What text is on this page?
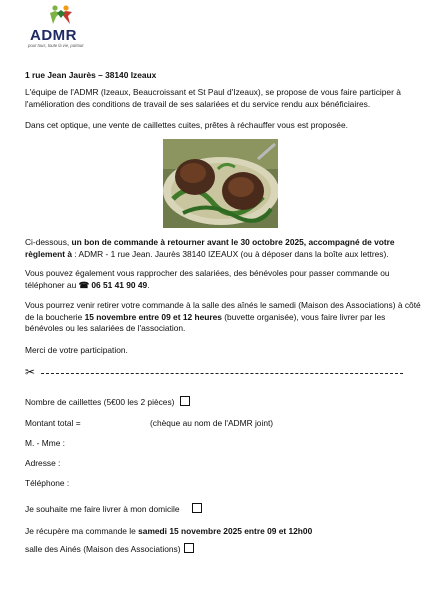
ADMR
pour tous, toute la vie, partout
1 rue Jean Jaurès – 38140 Izeaux
L'équipe de l'ADMR (Izeaux, Beaucroissant et St Paul d'Izeaux), se propose de vous faire participer à l'amélioration des conditions de travail de ses salariées et du service rendu aux bénéficiaires.
Dans cet optique, une vente de caillettes cuites, prêtes à réchauffer vous est proposée.
Ci-dessous, un bon de commande à retourner avant le 30 octobre 2025, accompagné de votre règlement à : ADMR - 1 rue Jean. Jaurès 38140 IZEAUX (ou à déposer dans la boîte aux lettres).
Vous pouvez également vous rapprocher des salariées, des bénévoles pour passer commande ou téléphoner au ☎ 06 51 41 90 49.
Vous pourrez venir retirer votre commande à la salle des aînés le samedi (Maison des Associations) à côté de la boucherie 15 novembre entre 09 et 12 heures (buvette organisée), vous faire livrer par les bénévoles ou les salariées de l'association.
Merci de votre participation.
✂
Nombre de caillettes (5€00 les 2 pièces)
Montant total =	(chèque au nom de l'ADMR joint)
M. - Mme :
Adresse :
Téléphone :
Je souhaite me faire livrer à mon domicile
Je récupère ma commande le samedi 15 novembre 2025 entre 09 et 12h00
salle des Ainés (Maison des Associations)
